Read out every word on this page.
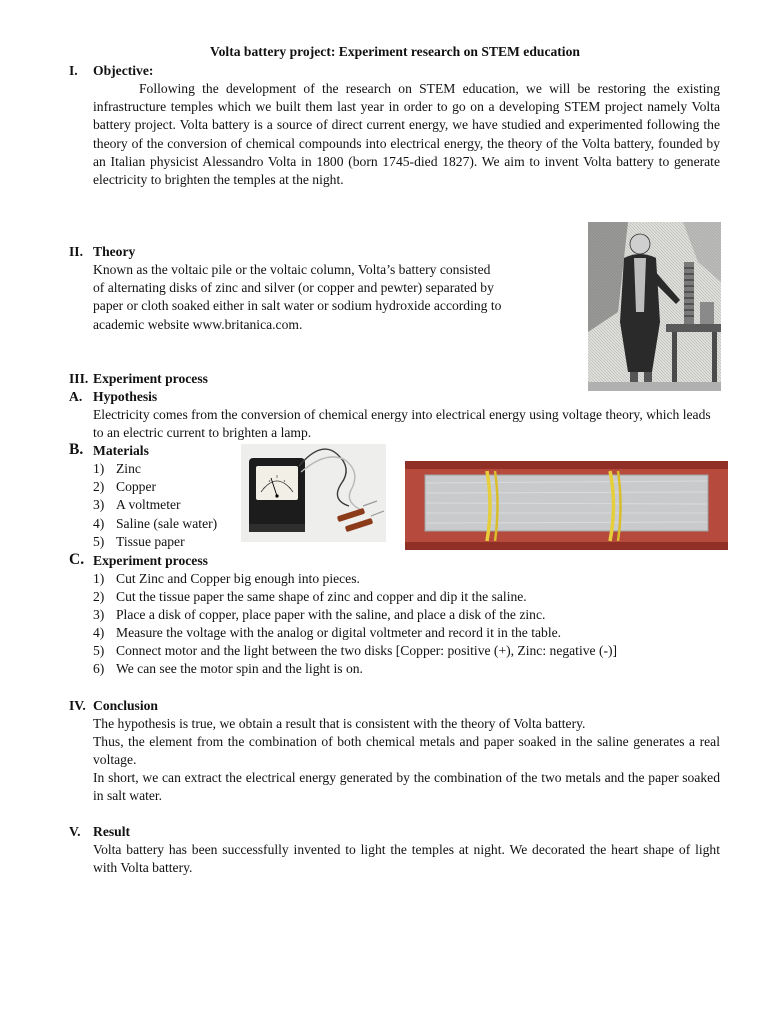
Volta battery project: Experiment research on STEM education
I. Objective:
Following the development of the research on STEM education, we will be restoring the existing infrastructure temples which we built them last year in order to go on a developing STEM project namely Volta battery project. Volta battery is a source of direct current energy, we have studied and experimented following the theory of the conversion of chemical compounds into electrical energy, the theory of the Volta battery, founded by an Italian physicist Alessandro Volta in 1800 (born 1745-died 1827). We aim to invent Volta battery to generate electricity to brighten the temples at the night.
II. Theory
Known as the voltaic pile or the voltaic column, Volta’s battery consisted
of alternating disks of zinc and silver (or copper and pewter) separated by
paper or cloth soaked either in salt water or sodium hydroxide according to
academic website www.britanica.com.
III. Experiment process
A. Hypothesis
Electricity comes from the conversion of chemical energy into electrical energy using voltage theory, which leads to an electric current to brighten a lamp.
B. Materials
1) Zinc
2) Copper
3) A voltmeter
4) Saline (sale water)
5) Tissue paper
C. Experiment process
1) Cut Zinc and Copper big enough into pieces.
2) Cut the tissue paper the same shape of zinc and copper and dip it the saline.
3) Place a disk of copper, place paper with the saline, and place a disk of the zinc.
4) Measure the voltage with the analog or digital voltmeter and record it in the table.
5) Connect motor and the light between the two disks [Copper: positive (+), Zinc: negative (-)]
6) We can see the motor spin and the light is on.
IV. Conclusion
The hypothesis is true, we obtain a result that is consistent with the theory of Volta battery.
Thus, the element from the combination of both chemical metals and paper soaked in the saline generates a real voltage.
In short, we can extract the electrical energy generated by the combination of the two metals and the paper soaked in salt water.
V. Result
Volta battery has been successfully invented to light the temples at night. We decorated the heart shape of light with Volta battery.
